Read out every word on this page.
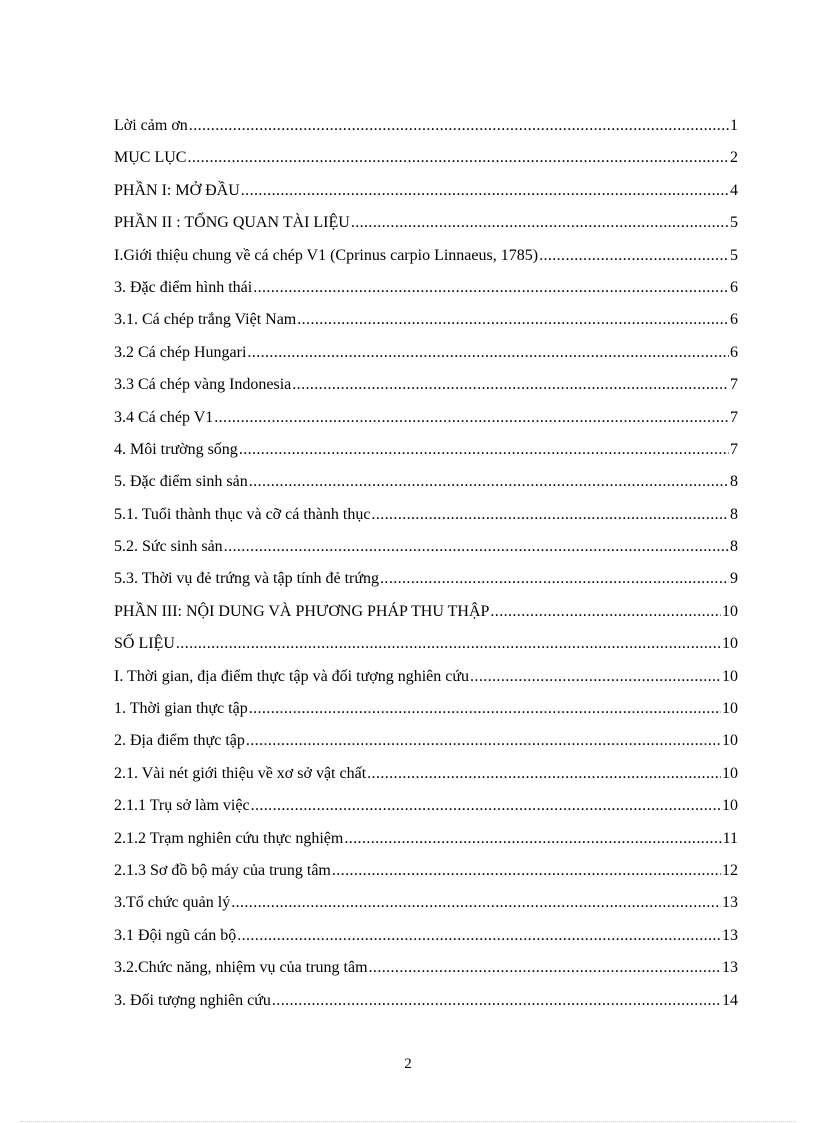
Lời cảm ơn .....	1
MỤC LỤC .....	2
PHẦN I: MỞ ĐẦU .....	4
PHẦN II : TỔNG QUAN TÀI LIỆU .....	5
I.Giới thiệu chung về cá chép V1 (Cprinus carpio Linnaeus, 1785) .....	5
3. Đặc điểm hình thái .....	6
3.1. Cá chép trắng Việt Nam .....	6
3.2 Cá chép Hungari .....	6
3.3 Cá chép vàng Indonesia .....	7
3.4 Cá chép V1 .....	7
4. Môi trường sống .....	7
5. Đặc điểm sinh sản .....	8
5.1. Tuổi thành thục và cỡ cá thành thục .....	8
5.2. Sức sinh sản .....	8
5.3. Thời vụ đẻ trứng và tập tính đẻ trứng .....	9
PHẦN III: NỘI DUNG VÀ PHƯƠNG PHÁP THU THẬP .....	10
SỐ LIỆU .....	10
I. Thời gian, địa điểm thực tập và đối tượng nghiên cứu .....	10
1. Thời gian thực tập .....	10
2. Địa điểm thực tập .....	10
2.1. Vài nét giới thiệu về xơ sở vật chất .....	10
2.1.1 Trụ sở làm việc .....	10
2.1.2 Trạm nghiên cứu thực nghiệm .....	11
2.1.3 Sơ đồ bộ máy của trung tâm .....	12
3.Tổ chức quản lý .....	13
3.1 Đội ngũ cán bộ .....	13
3.2.Chức năng, nhiệm vụ của trung tâm .....	13
3. Đối tượng nghiên cứu .....	14
2
